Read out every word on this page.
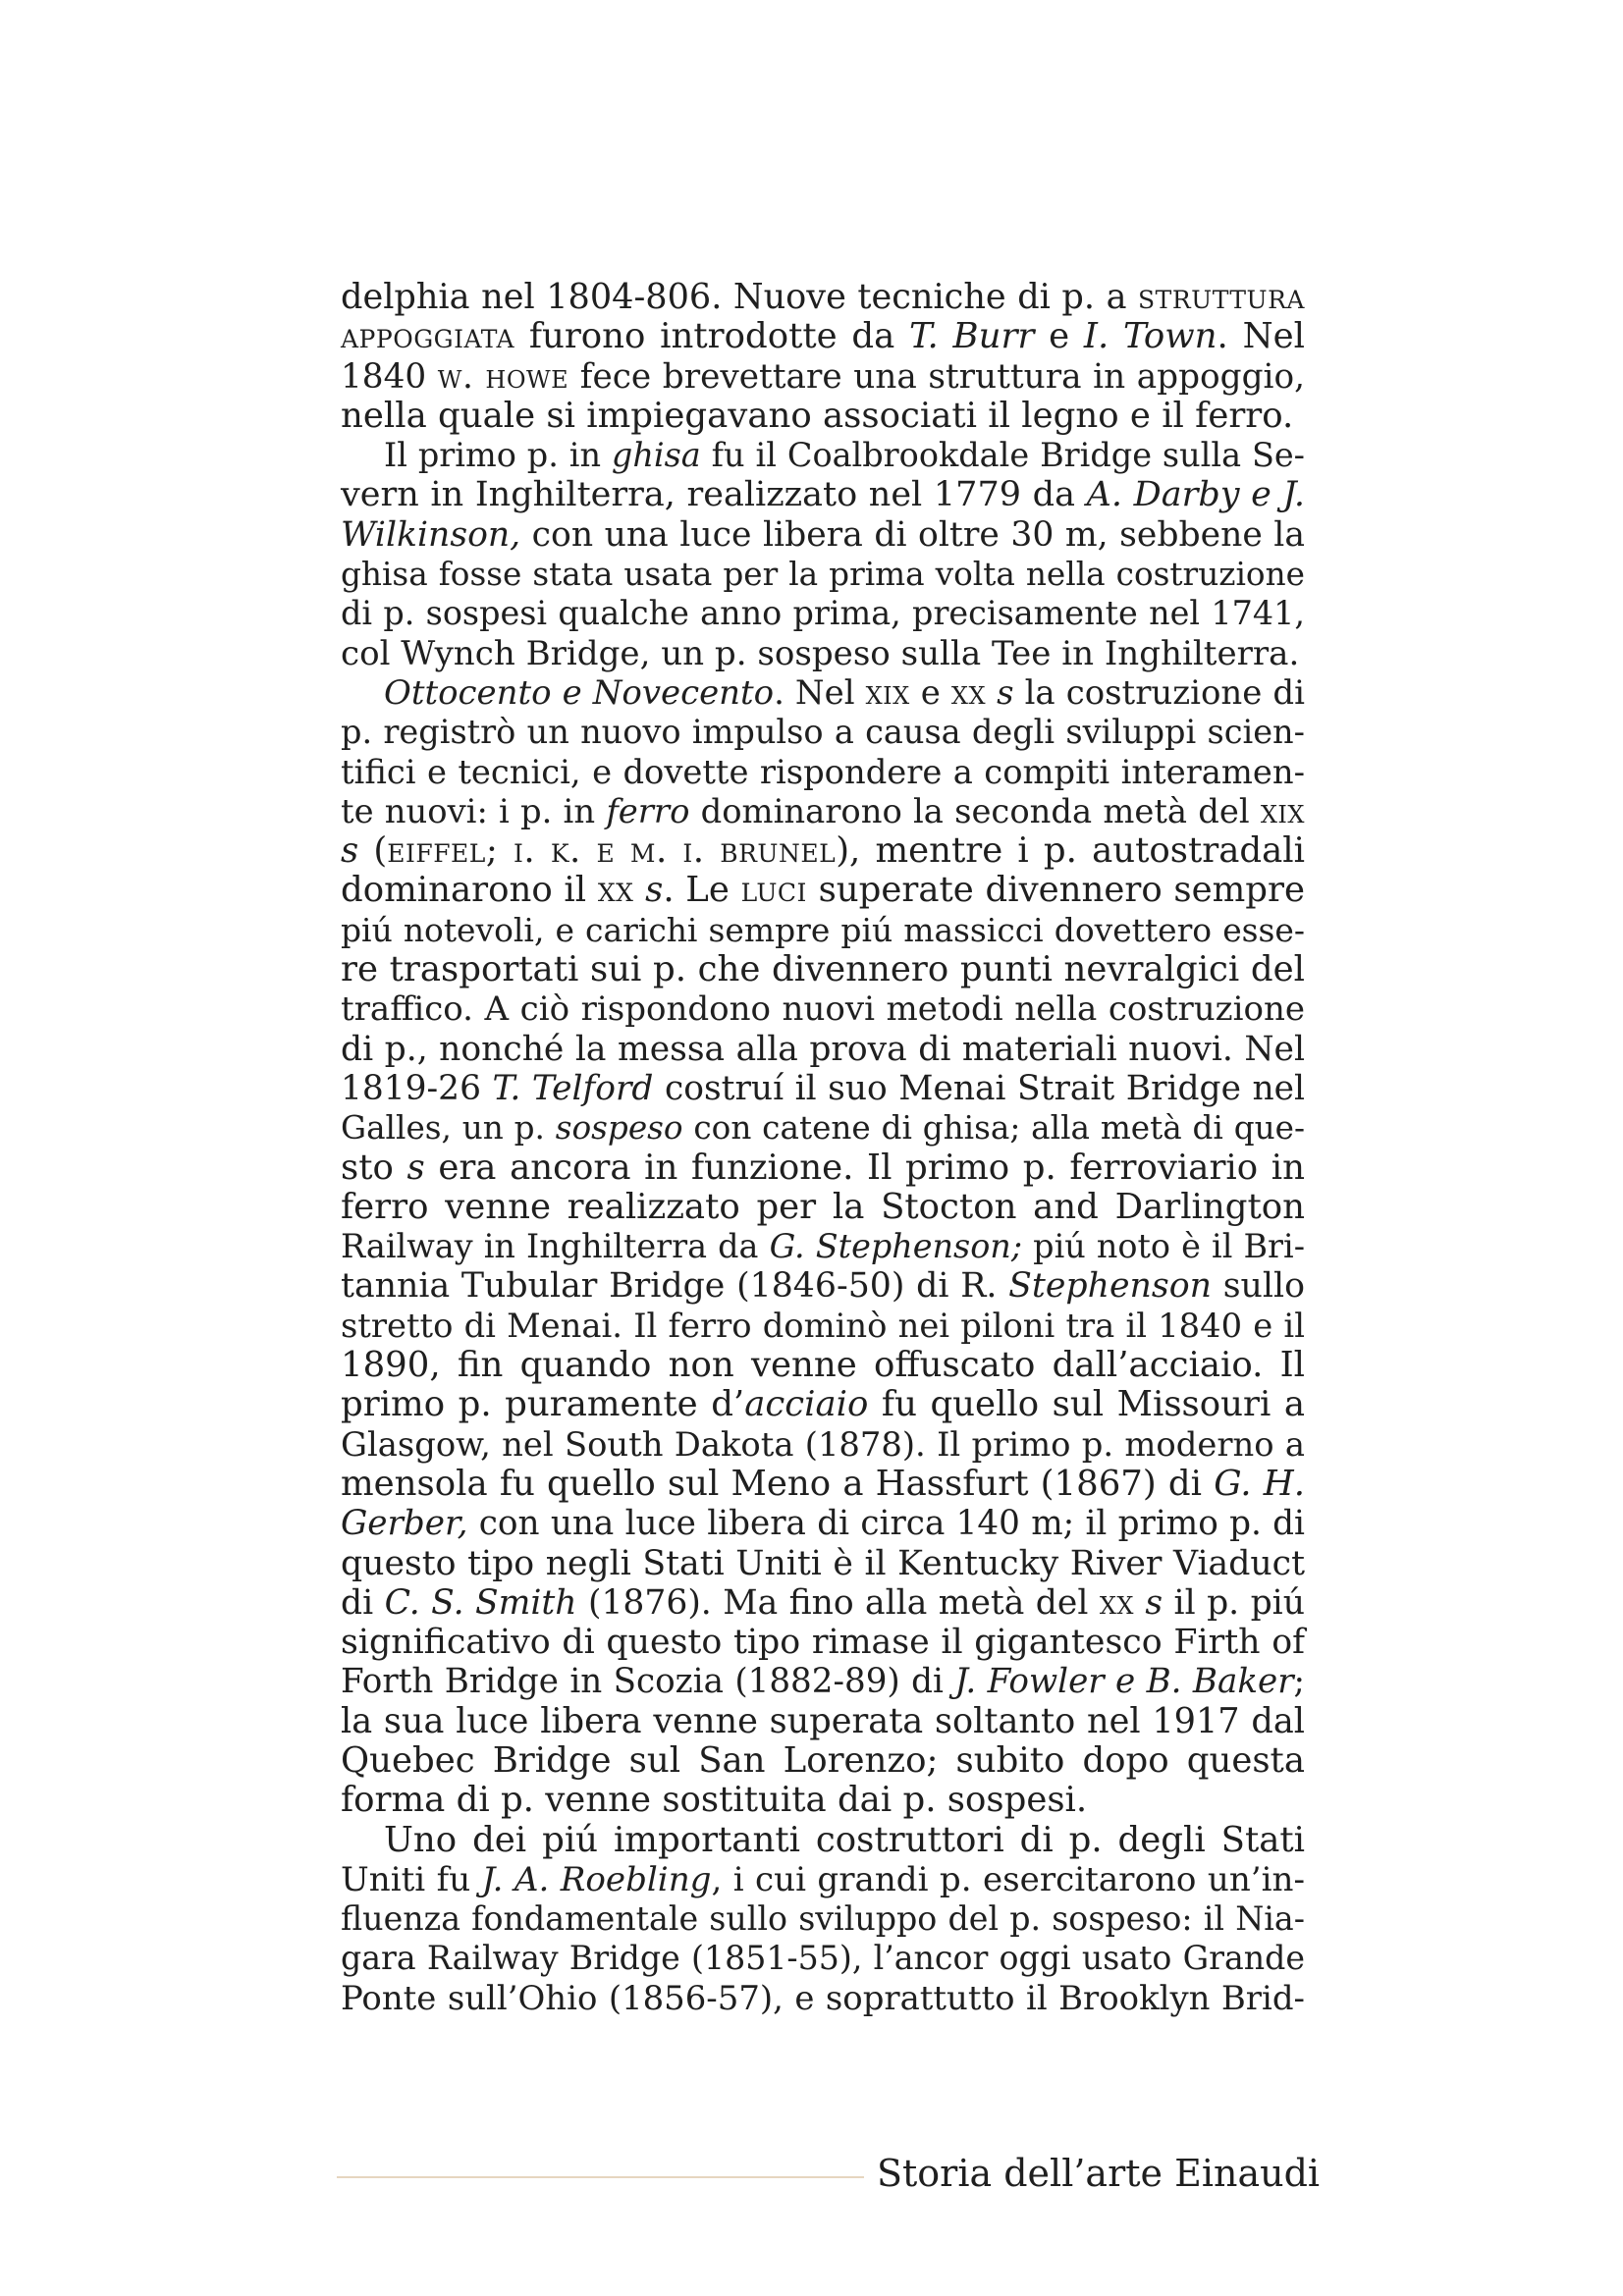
delphia nel 1804-806. Nuove tecniche di p. a struttura
appoggiata furono introdotte da T. Burr e I. Town. Nel
1840 w. howe fece brevettare una struttura in appoggio,
nella quale si impiegavano associati il legno e il ferro.
Il primo p. in ghisa fu il Coalbrookdale Bridge sulla Se-
vern in Inghilterra, realizzato nel 1779 da A. Darby e J.
Wilkinson, con una luce libera di oltre 30 m, sebbene la
ghisa fosse stata usata per la prima volta nella costruzione
di p. sospesi qualche anno prima, precisamente nel 1741,
col Wynch Bridge, un p. sospeso sulla Tee in Inghilterra.
Ottocento e Novecento. Nel xix e xx s la costruzione di
p. registrò un nuovo impulso a causa degli sviluppi scien-
tifici e tecnici, e dovette rispondere a compiti interamen-
te nuovi: i p. in ferro dominarono la seconda metà del xix
s (eiffel; i. k. e m. i. brunel), mentre i p. autostradali
dominarono il xx s. Le luci superate divennero sempre
piú notevoli, e carichi sempre piú massicci dovettero esse-
re trasportati sui p. che divennero punti nevralgici del
traffico. A ciò rispondono nuovi metodi nella costruzione
di p., nonché la messa alla prova di materiali nuovi. Nel
1819-26 T. Telford costruí il suo Menai Strait Bridge nel
Galles, un p. sospeso con catene di ghisa; alla metà di que-
sto s era ancora in funzione. Il primo p. ferroviario in
ferro venne realizzato per la Stocton and Darlington
Railway in Inghilterra da G. Stephenson; piú noto è il Bri-
tannia Tubular Bridge (1846-50) di R. Stephenson sullo
stretto di Menai. Il ferro dominò nei piloni tra il 1840 e il
1890, fin quando non venne offuscato dall’acciaio. Il
primo p. puramente d’acciaio fu quello sul Missouri a
Glasgow, nel South Dakota (1878). Il primo p. moderno a
mensola fu quello sul Meno a Hassfurt (1867) di G. H.
Gerber, con una luce libera di circa 140 m; il primo p. di
questo tipo negli Stati Uniti è il Kentucky River Viaduct
di C. S. Smith (1876). Ma fino alla metà del xx s il p. piú
significativo di questo tipo rimase il gigantesco Firth of
Forth Bridge in Scozia (1882-89) di J. Fowler e B. Baker;
la sua luce libera venne superata soltanto nel 1917 dal
Quebec Bridge sul San Lorenzo; subito dopo questa
forma di p. venne sostituita dai p. sospesi.
Uno dei piú importanti costruttori di p. degli Stati
Uniti fu J. A. Roebling, i cui grandi p. esercitarono un’in-
fluenza fondamentale sullo sviluppo del p. sospeso: il Nia-
gara Railway Bridge (1851-55), l’ancor oggi usato Grande
Ponte sull’Ohio (1856-57), e soprattutto il Brooklyn Brid-
Storia dell’arte Einaudi
